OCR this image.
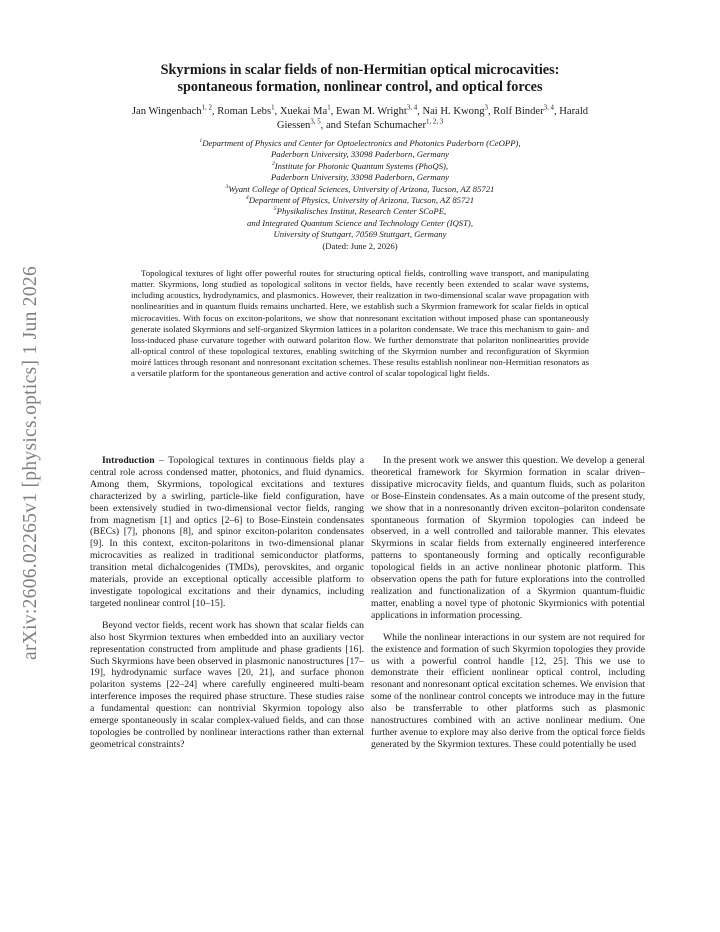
arXiv:2606.02265v1 [physics.optics] 1 Jun 2026
Skyrmions in scalar fields of non-Hermitian optical microcavities:
spontaneous formation, nonlinear control, and optical forces
Jan Wingenbach$^{1, 2}$, Roman Lebs$^1$, Xuekai Ma$^1$, Ewan M. Wright$^{3, 4}$, Nai H. Kwong$^3$, Rolf Binder$^{3, 4}$, Harald Giessen$^{3, 5}$, and Stefan Schumacher$^{1, 2, 3}$
$^1$Department of Physics and Center for Optoelectronics and Photonics Paderborn (CeOPP),
Paderborn University, 33098 Paderborn, Germany
$^2$Institute for Photonic Quantum Systems (PhoQS),
Paderborn University, 33098 Paderborn, Germany
$^3$Wyant College of Optical Sciences, University of Arizona, Tucson, AZ 85721
$^4$Department of Physics, University of Arizona, Tucson, AZ 85721
$^5$Physikalisches Institut, Research Center SCoPE,
and Integrated Quantum Science and Technology Center (IQST),
University of Stuttgart, 70569 Stuttgart, Germany
(Dated: June 2, 2026)
Topological textures of light offer powerful routes for structuring optical fields, controlling wave transport, and manipulating matter. Skyrmions, long studied as topological solitons in vector fields, have recently been extended to scalar wave systems, including acoustics, hydrodynamics, and plasmonics. However, their realization in two-dimensional scalar wave propagation with nonlinearities and in quantum fluids remains uncharted. Here, we establish such a Skyrmion framework for scalar fields in optical microcavities. With focus on exciton-polaritons, we show that nonresonant excitation without imposed phase can spontaneously generate isolated Skyrmions and self-organized Skyrmion lattices in a polariton condensate. We trace this mechanism to gain- and loss-induced phase curvature together with outward polariton flow. We further demonstrate that polariton nonlinearities provide all-optical control of these topological textures, enabling switching of the Skyrmion number and reconfiguration of Skyrmion moiré lattices through resonant and nonresonant excitation schemes. These results establish nonlinear non-Hermitian resonators as a versatile platform for the spontaneous generation and active control of scalar topological light fields.

Introduction – Topological textures in continuous fields play a central role across condensed matter, photonics, and fluid dynamics. Among them, Skyrmions, topological excitations and textures characterized by a swirling, particle-like field configuration, have been extensively studied in two-dimensional vector fields, ranging from magnetism [1] and optics [2–6] to Bose-Einstein condensates (BECs) [7], phonons [8], and spinor exciton-polariton condensates [9]. In this context, exciton-polaritons in two-dimensional planar microcavities as realized in traditional semiconductor platforms, transition metal dichalcogenides (TMDs), perovskites, and organic materials, provide an exceptional optically accessible platform to investigate topological excitations and their dynamics, including targeted nonlinear control [10–15].

Beyond vector fields, recent work has shown that scalar fields can also host Skyrmion textures when embedded into an auxiliary vector representation constructed from amplitude and phase gradients [16]. Such Skyrmions have been observed in plasmonic nanostructures [17–19], hydrodynamic surface waves [20, 21], and surface phonon polariton systems [22–24] where carefully engineered multi-beam interference imposes the required phase structure. These studies raise a fundamental question: can nontrivial Skyrmion topology also emerge spontaneously in scalar complex-valued fields, and can those topologies be controlled by nonlinear interactions rather than external geometrical constraints?

In the present work we answer this question. We develop a general theoretical framework for Skyrmion formation in scalar driven–dissipative microcavity fields, and quantum fluids, such as polariton or Bose-Einstein condensates. As a main outcome of the present study, we show that in a nonresonantly driven exciton–polariton condensate spontaneous formation of Skyrmion topologies can indeed be observed, in a well controlled and tailorable manner. This elevates Skyrmions in scalar fields from externally engineered interference patterns to spontaneously forming and optically reconfigurable topological fields in an active nonlinear photonic platform. This observation opens the path for future explorations into the controlled realization and functionalization of a Skyrmion quantum-fluidic matter, enabling a novel type of photonic Skyrmionics with potential applications in information processing.

While the nonlinear interactions in our system are not required for the existence and formation of such Skyrmion topologies they provide us with a powerful control handle [12, 25]. This we use to demonstrate their efficient nonlinear optical control, including resonant and nonresonant optical excitation schemes. We envision that some of the nonlinear control concepts we introduce may in the future also be transferrable to other platforms such as plasmonic nanostructures combined with an active nonlinear medium. One further avenue to explore may also derive from the optical force fields generated by the Skyrmion textures. These could potentially be used
